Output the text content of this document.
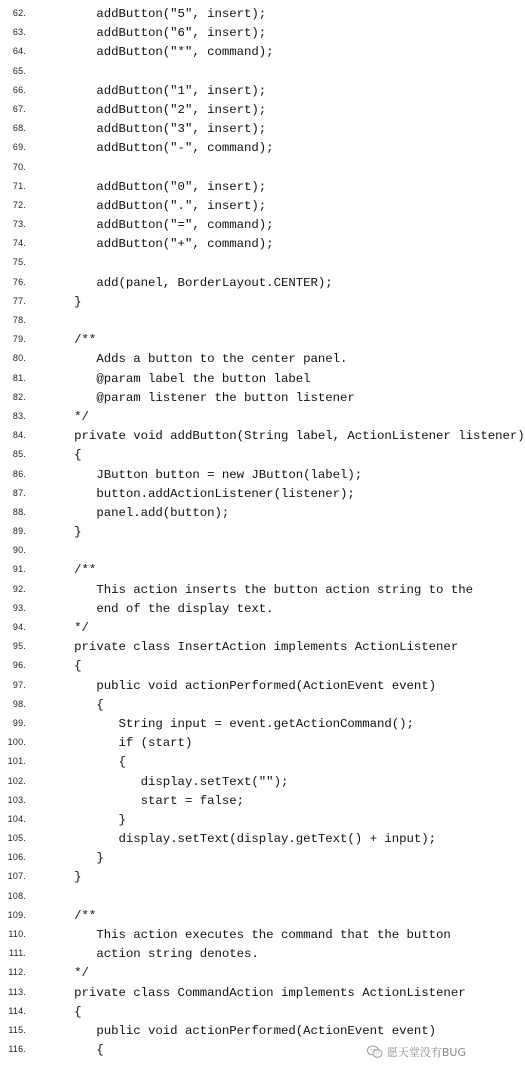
62. addButton("5", insert);
63. addButton("6", insert);
64. addButton("*", command);
65.
66. addButton("1", insert);
67. addButton("2", insert);
68. addButton("3", insert);
69. addButton("-", command);
70.
71. addButton("0", insert);
72. addButton(".", insert);
73. addButton("=", command);
74. addButton("+", command);
75.
76. add(panel, BorderLayout.CENTER);
77. }
78.
79. /**
80. Adds a button to the center panel.
81. @param label the button label
82. @param listener the button listener
83. */
84. private void addButton(String label, ActionListener listener)
85. {
86. JButton button = new JButton(label);
87. button.addActionListener(listener);
88. panel.add(button);
89. }
90.
91. /**
92. This action inserts the button action string to the
93. end of the display text.
94. */
95. private class InsertAction implements ActionListener
96. {
97. public void actionPerformed(ActionEvent event)
98. {
99. String input = event.getActionCommand();
100. if (start)
101. {
102. display.setText("");
103. start = false;
104. }
105. display.setText(display.getText() + input);
106. }
107. }
108.
109. /**
110. This action executes the command that the button
111. action string denotes.
112. */
113. private class CommandAction implements ActionListener
114. {
115. public void actionPerformed(ActionEvent event)
116. {	愿天堂没有BUG
